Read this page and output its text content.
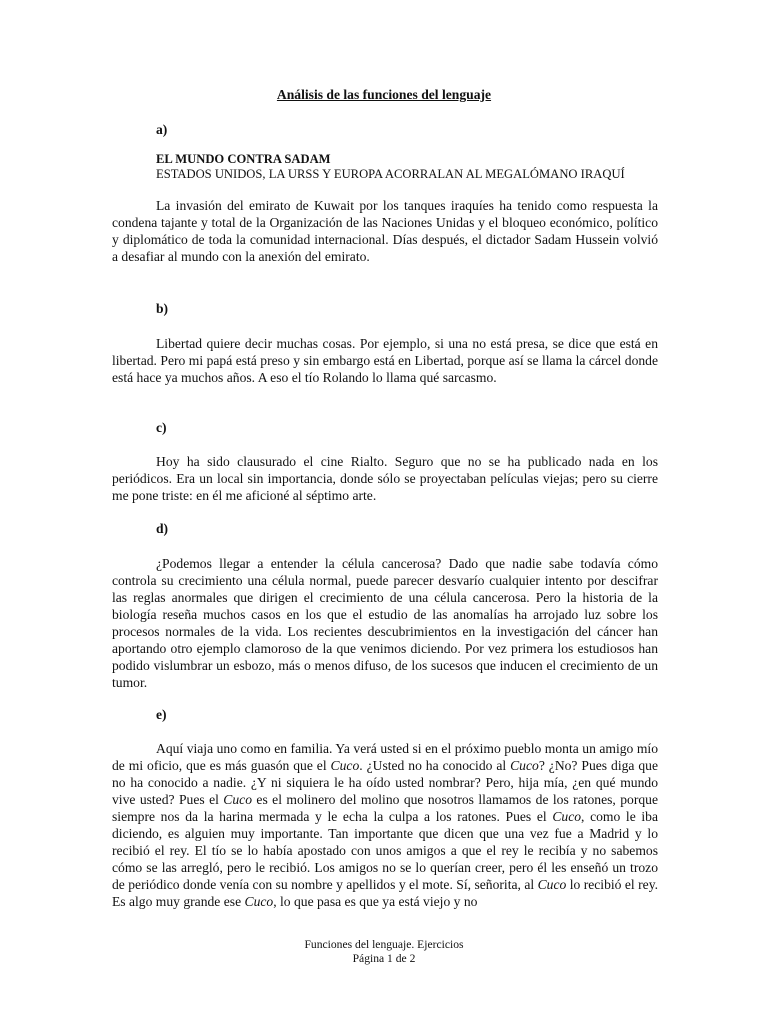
Análisis de las funciones del lenguaje
a)
EL MUNDO CONTRA SADAM
ESTADOS UNIDOS, LA URSS Y EUROPA ACORRALAN AL MEGALÓMANO IRAQUÍ

La invasión del emirato de Kuwait por los tanques iraquíes ha tenido como respuesta la condena tajante y total de la Organización de las Naciones Unidas y el bloqueo económico, político y diplomático de toda la comunidad internacional. Días después, el dictador Sadam Hussein volvió a desafiar al mundo con la anexión del emirato.

b)

Libertad quiere decir muchas cosas. Por ejemplo, si una no está presa, se dice que está en libertad. Pero mi papá está preso y sin embargo está en Libertad, porque así se llama la cárcel donde está hace ya muchos años. A eso el tío Rolando lo llama qué sarcasmo.

c)

Hoy ha sido clausurado el cine Rialto. Seguro que no se ha publicado nada en los periódicos. Era un local sin importancia, donde sólo se proyectaban películas viejas; pero su cierre me pone triste: en él me aficioné al séptimo arte.

d)

¿Podemos llegar a entender la célula cancerosa? Dado que nadie sabe todavía cómo controla su crecimiento una célula normal, puede parecer desvarío cualquier intento por descifrar las reglas anormales que dirigen el crecimiento de una célula cancerosa. Pero la historia de la biología reseña muchos casos en los que el estudio de las anomalías ha arrojado luz sobre los procesos normales de la vida. Los recientes descubrimientos en la investigación del cáncer han aportando otro ejemplo clamoroso de la que venimos diciendo. Por vez primera los estudiosos han podido vislumbrar un esbozo, más o menos difuso, de los sucesos que inducen el crecimiento de un tumor.

e)

Aquí viaja uno como en familia. Ya verá usted si en el próximo pueblo monta un amigo mío de mi oficio, que es más guasón que el Cuco. ¿Usted no ha conocido al Cuco? ¿No? Pues diga que no ha conocido a nadie. ¿Y ni siquiera le ha oído usted nombrar? Pero, hija mía, ¿en qué mundo vive usted? Pues el Cuco es el molinero del molino que nosotros llamamos de los ratones, porque siempre nos da la harina mermada y le echa la culpa a los ratones. Pues el Cuco, como le iba diciendo, es alguien muy importante. Tan importante que dicen que una vez fue a Madrid y lo recibió el rey. El tío se lo había apostado con unos amigos a que el rey le recibía y no sabemos cómo se las arregló, pero le recibió. Los amigos no se lo querían creer, pero él les enseñó un trozo de periódico donde venía con su nombre y apellidos y el mote. Sí, señorita, al Cuco lo recibió el rey. Es algo muy grande ese Cuco, lo que pasa es que ya está viejo y no

Funciones del lenguaje. Ejercicios
Página 1 de 2
